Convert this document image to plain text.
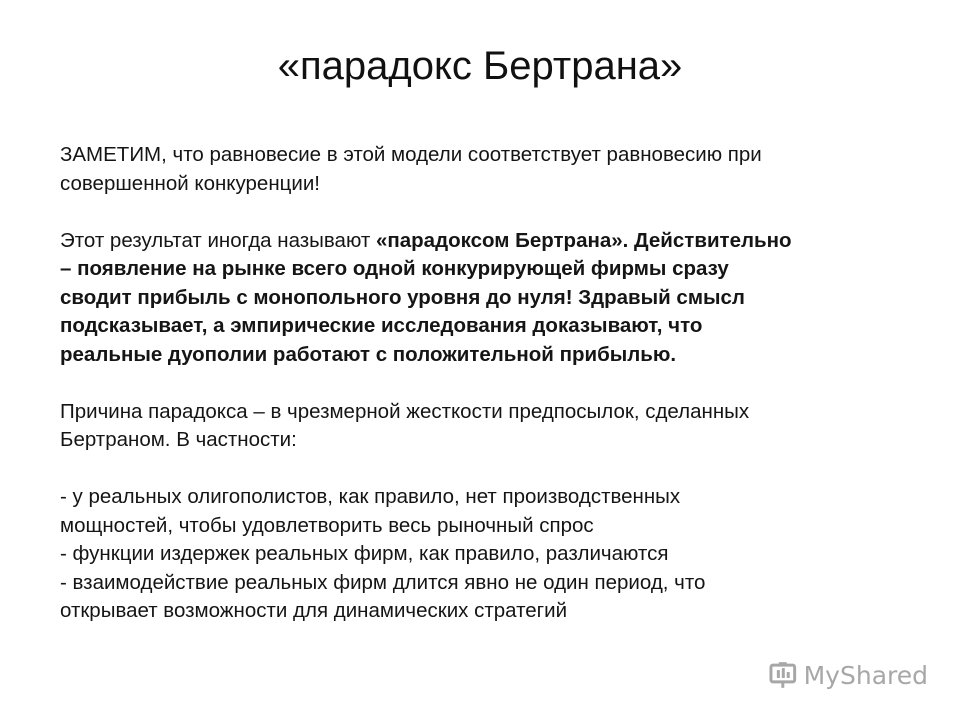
«парадокс Бертрана»

ЗАМЕТИМ, что равновесие в этой модели соответствует равновесию при
совершенной конкуренции!

Этот результат иногда называют «парадоксом Бертрана». Действительно
– появление на рынке всего одной конкурирующей фирмы сразу
сводит прибыль с монопольного уровня до нуля! Здравый смысл
подсказывает, а эмпирические исследования доказывают, что
реальные дуополии работают с положительной прибылью.

Причина парадокса – в чрезмерной жесткости предпосылок, сделанных
Бертраном. В частности:

- у реальных олигополистов, как правило, нет производственных
мощностей, чтобы удовлетворить весь рыночный спрос
- функции издержек реальных фирм, как правило, различаются
- взаимодействие реальных фирм длится явно не один период, что
открывает возможности для динамических стратегий

MyShared
